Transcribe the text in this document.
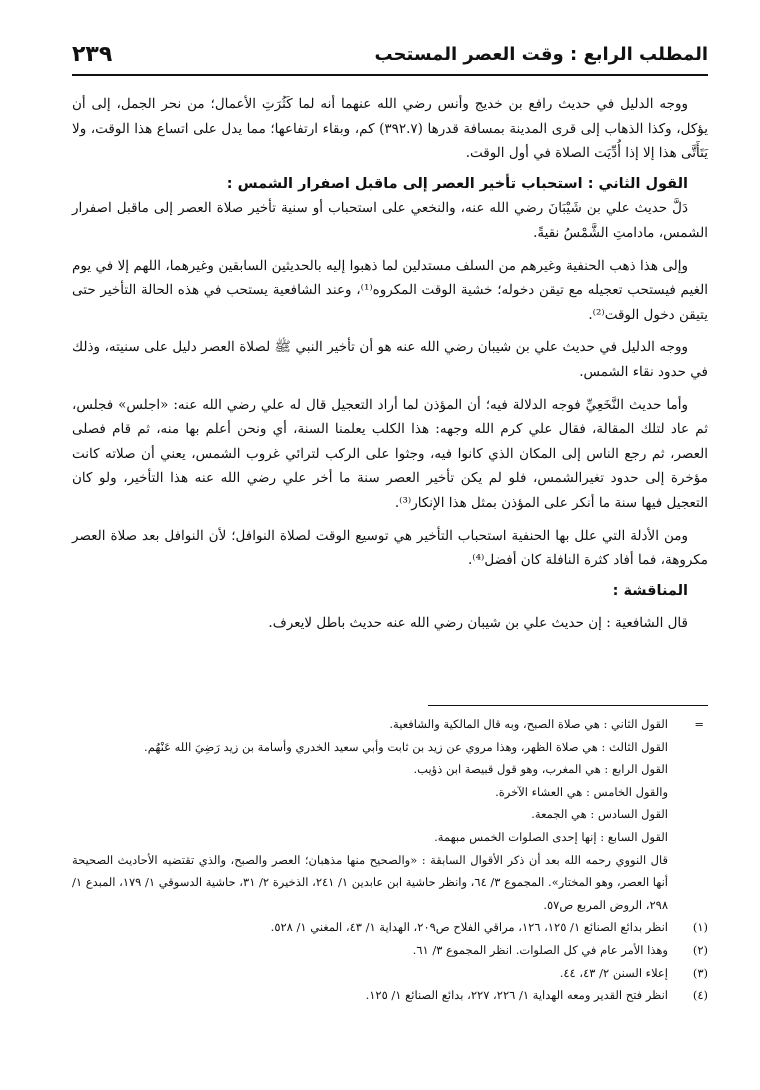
المطلب الرابع : وقت العصر المستحب
٢٣٩

ووجه الدليل في حديث رافع بن خديج وأنس رضي الله عنهما أنه لما كَثُرَتِ الأعمال؛ من نحر الجمل، إلى أن يؤكل، وكذا الذهاب إلى قرى المدينة بمسافة قدرها (٣٩٢.٧) كم، وبقاء ارتفاعها؛ مما يدل على اتساع هذا الوقت، ولا يَتَأَتَّى هذا إلا إذا أُدِّيَت الصلاة في أول الوقت.

القول الثاني : استحباب تأخير العصر إلى ماقبل اصفرار الشمس :

دَلَّ حديث علي بن شَيْبَانَ رضي الله عنه، والنخعي على استحباب أو سنية تأخير صلاة العصر إلى ماقبل اصفرار الشمس، مادامتِ الشَّمْسُ نقيةً.

وإلى هذا ذهب الحنفية وغيرهم من السلف مستدلين لما ذهبوا إليه بالحديثين السابقين وغيرهما، اللهم إلا في يوم الغيم فيستحب تعجيله مع تيقن دخوله؛ خشية الوقت المكروه⁽¹⁾، وعند الشافعية يستحب في هذه الحالة التأخير حتى يتيقن دخول الوقت⁽²⁾.

ووجه الدليل في حديث علي بن شيبان رضي الله عنه هو أن تأخير النبي ﷺ لصلاة العصر دليل على سنيته، وذلك في حدود نقاء الشمس.

وأما حديث النَّخَعِيِّ فوجه الدلالة فيه؛ أن المؤذن لما أراد التعجيل قال له علي رضي الله عنه: «اجلس» فجلس، ثم عاد لتلك المقالة، فقال علي كرم الله وجهه: هذا الكلب يعلمنا السنة، أي ونحن أعلم بها منه، ثم قام فصلى العصر، ثم رجع الناس إلى المكان الذي كانوا فيه، وجثوا على الركب لترائي غروب الشمس، يعني أن صلاته كانت مؤخرة إلى حدود تغيرالشمس، فلو لم يكن تأخير العصر سنة ما أخر علي رضي الله عنه هذا التأخير، ولو كان التعجيل فيها سنة ما أنكر على المؤذن بمثل هذا الإنكار⁽³⁾.

ومن الأدلة التي علل بها الحنفية استحباب التأخير هي توسيع الوقت لصلاة النوافل؛ لأن النوافل بعد صلاة العصر مكروهة، فما أفاد كثرة النافلة كان أفضل⁽⁴⁾.

المناقشة :

قال الشافعية : إن حديث علي بن شيبان رضي الله عنه حديث باطل لايعرف.

=

القول الثاني : هي صلاة الصبح، وبه قال المالكية والشافعية.

القول الثالث : هي صلاة الظهر، وهذا مروي عن زيد بن ثابت وأبي سعيد الخدري وأسامة بن زيد رَضِيَ الله عَنْهُم.

القول الرابع : هي المغرب، وهو قول قبيصة ابن ذؤيب.

والقول الخامس : هي العشاء الآخرة.

القول السادس : هي الجمعة.

القول السابع : إنها إحدى الصلوات الخمس مبهمة.

قال النووي رحمه الله بعد أن ذكر الأقوال السابقة : «والصحيح منها مذهبان؛ العصر والصبح، والذي تقتضيه الأحاديث الصحيحة أنها العصر، وهو المختار». المجموع ٣/ ٦٤، وانظر حاشية ابن عابدين ١/ ٢٤١، الذخيرة ٢/ ٣١، حاشية الدسوقي ١/ ١٧٩، المبدع ١/ ٢٩٨، الروض المربع ص٥٧.

(١)
انظر بدائع الصنائع ١/ ١٢٥، ١٢٦، مراقي الفلاح ص٢٠٩، الهداية ١/ ٤٣، المغني ١/ ٥٢٨.

(٢)
وهذا الأمر عام في كل الصلوات. انظر المجموع ٣/ ٦١.

(٣)
إعلاء السنن ٢/ ٤٣، ٤٤.

(٤)
انظر فتح القدير ومعه الهداية ١/ ٢٢٦، ٢٢٧، بدائع الصنائع ١/ ١٢٥.
